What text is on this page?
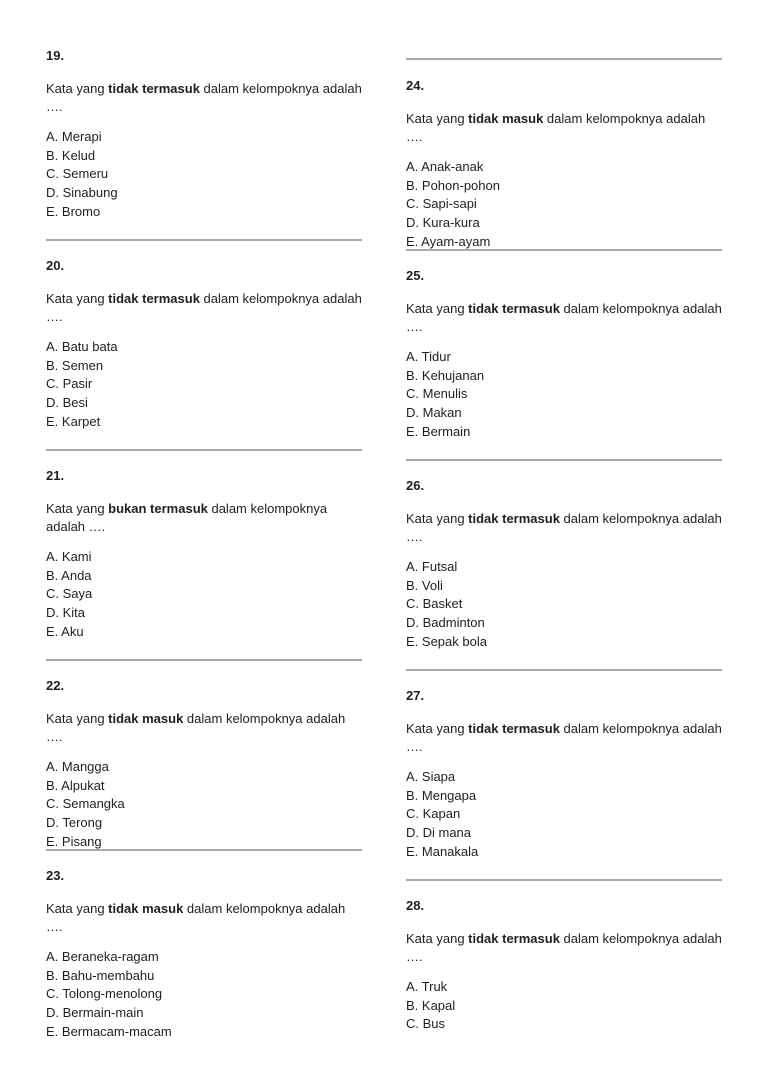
19.
Kata yang tidak termasuk dalam kelompoknya adalah ….
A. Merapi
B. Kelud
C. Semeru
D. Sinabung
E. Bromo
20.
Kata yang tidak termasuk dalam kelompoknya adalah ….
A. Batu bata
B. Semen
C. Pasir
D. Besi
E. Karpet
21.
Kata yang bukan termasuk dalam kelompoknya adalah ….
A. Kami
B. Anda
C. Saya
D. Kita
E. Aku
22.
Kata yang tidak masuk dalam kelompoknya adalah ….
A. Mangga
B. Alpukat
C. Semangka
D. Terong
E. Pisang
23.
Kata yang tidak masuk dalam kelompoknya adalah ….
A. Beraneka-ragam
B. Bahu-membahu
C. Tolong-menolong
D. Bermain-main
E. Bermacam-macam
24.
Kata yang tidak masuk dalam kelompoknya adalah ….
A. Anak-anak
B. Pohon-pohon
C. Sapi-sapi
D. Kura-kura
E. Ayam-ayam
25.
Kata yang tidak termasuk dalam kelompoknya adalah ….
A. Tidur
B. Kehujanan
C. Menulis
D. Makan
E. Bermain
26.
Kata yang tidak termasuk dalam kelompoknya adalah ….
A. Futsal
B. Voli
C. Basket
D. Badminton
E. Sepak bola
27.
Kata yang tidak termasuk dalam kelompoknya adalah ….
A. Siapa
B. Mengapa
C. Kapan
D. Di mana
E. Manakala
28.
Kata yang tidak termasuk dalam kelompoknya adalah ….
A. Truk
B. Kapal
C. Bus
